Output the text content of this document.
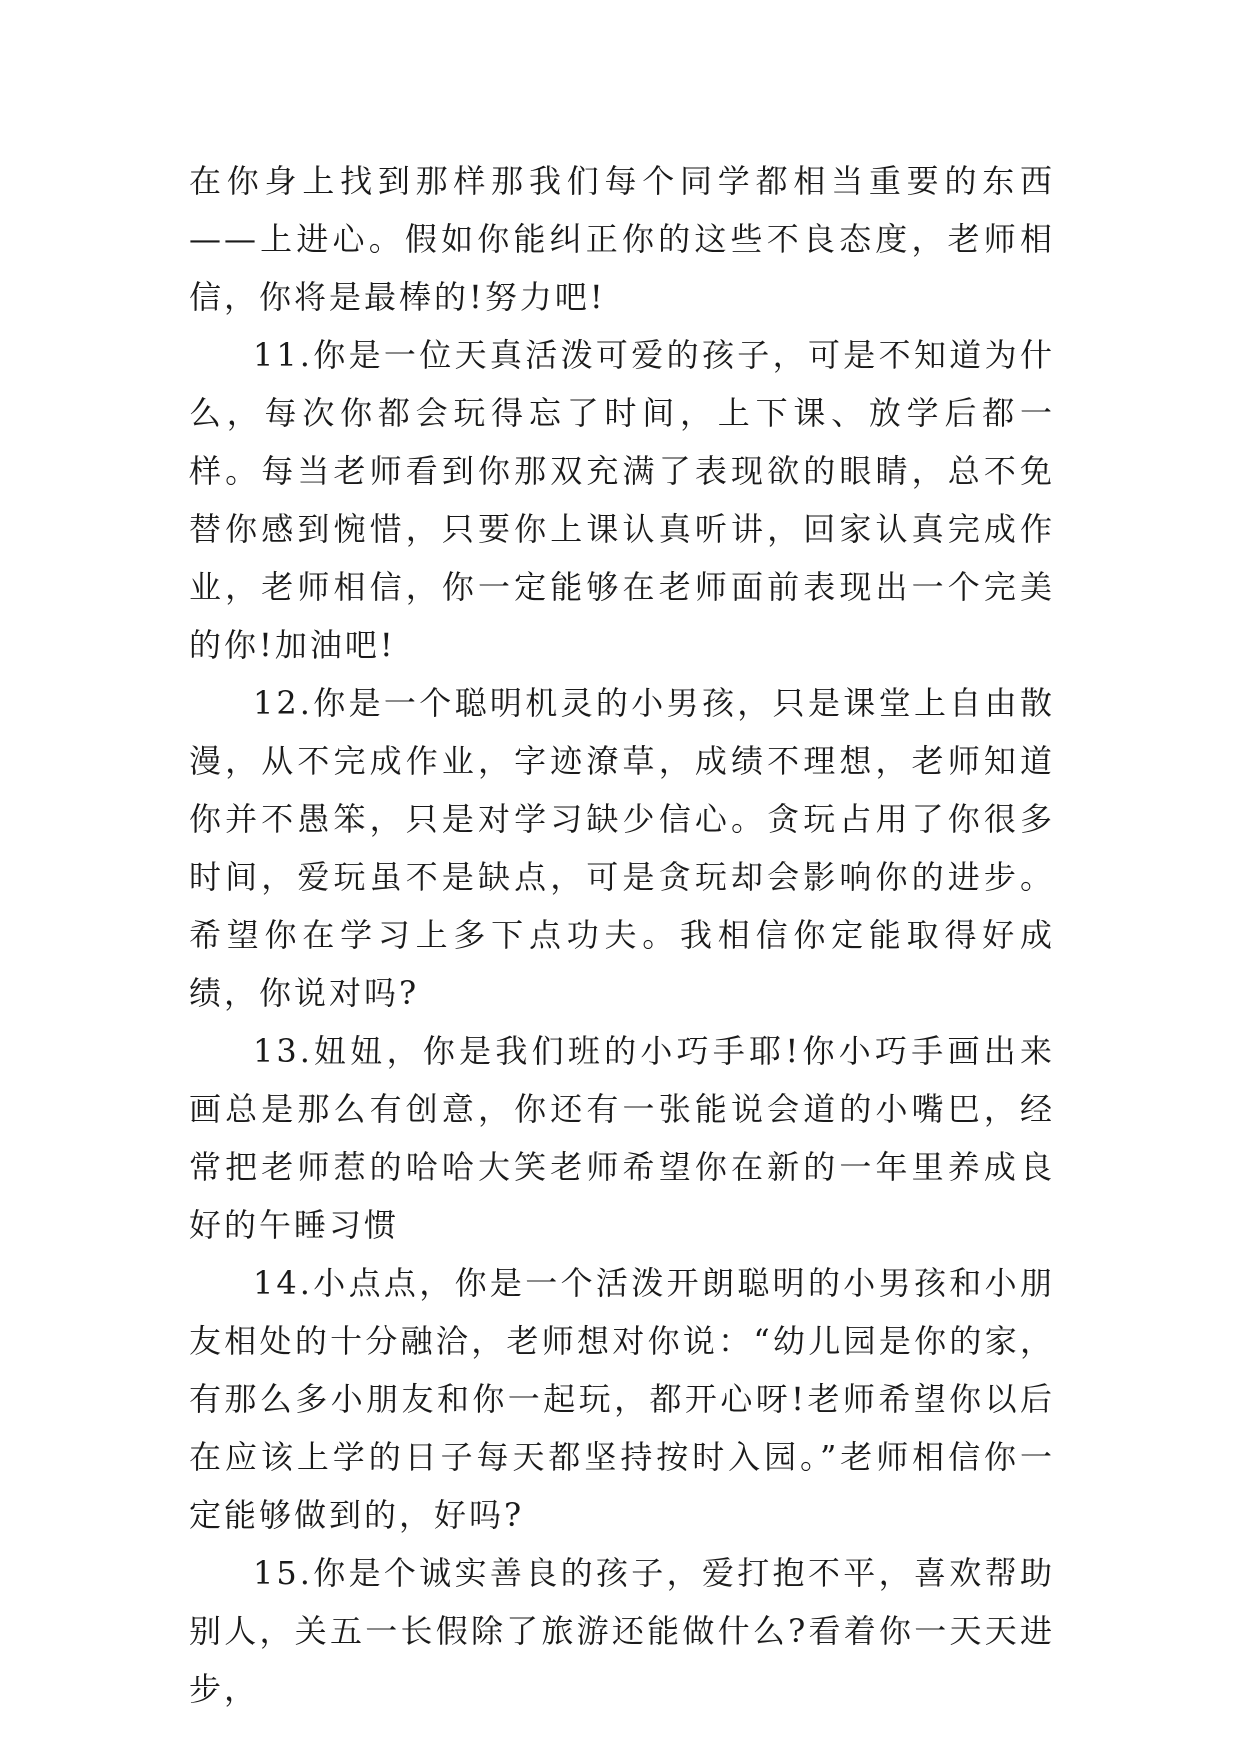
在你身上找到那样那我们每个同学都相当重要的东西——上进心。假如你能纠正你的这些不良态度，老师相信，你将是最棒的!努力吧!

11.你是一位天真活泼可爱的孩子，可是不知道为什么，每次你都会玩得忘了时间，上下课、放学后都一样。每当老师看到你那双充满了表现欲的眼睛，总不免替你感到惋惜，只要你上课认真听讲，回家认真完成作业，老师相信，你一定能够在老师面前表现出一个完美的你!加油吧!

12.你是一个聪明机灵的小男孩，只是课堂上自由散漫，从不完成作业，字迹潦草，成绩不理想，老师知道你并不愚笨，只是对学习缺少信心。贪玩占用了你很多时间，爱玩虽不是缺点，可是贪玩却会影响你的进步。希望你在学习上多下点功夫。我相信你定能取得好成绩，你说对吗?

13.妞妞，你是我们班的小巧手耶!你小巧手画出来画总是那么有创意，你还有一张能说会道的小嘴巴，经常把老师惹的哈哈大笑老师希望你在新的一年里养成良好的午睡习惯

14.小点点，你是一个活泼开朗聪明的小男孩和小朋友相处的十分融洽，老师想对你说：“幼儿园是你的家，有那么多小朋友和你一起玩，都开心呀!老师希望你以后在应该上学的日子每天都坚持按时入园。”老师相信你一定能够做到的，好吗?

15.你是个诚实善良的孩子，爱打抱不平，喜欢帮助别人，关五一长假除了旅游还能做什么?看着你一天天进步，
